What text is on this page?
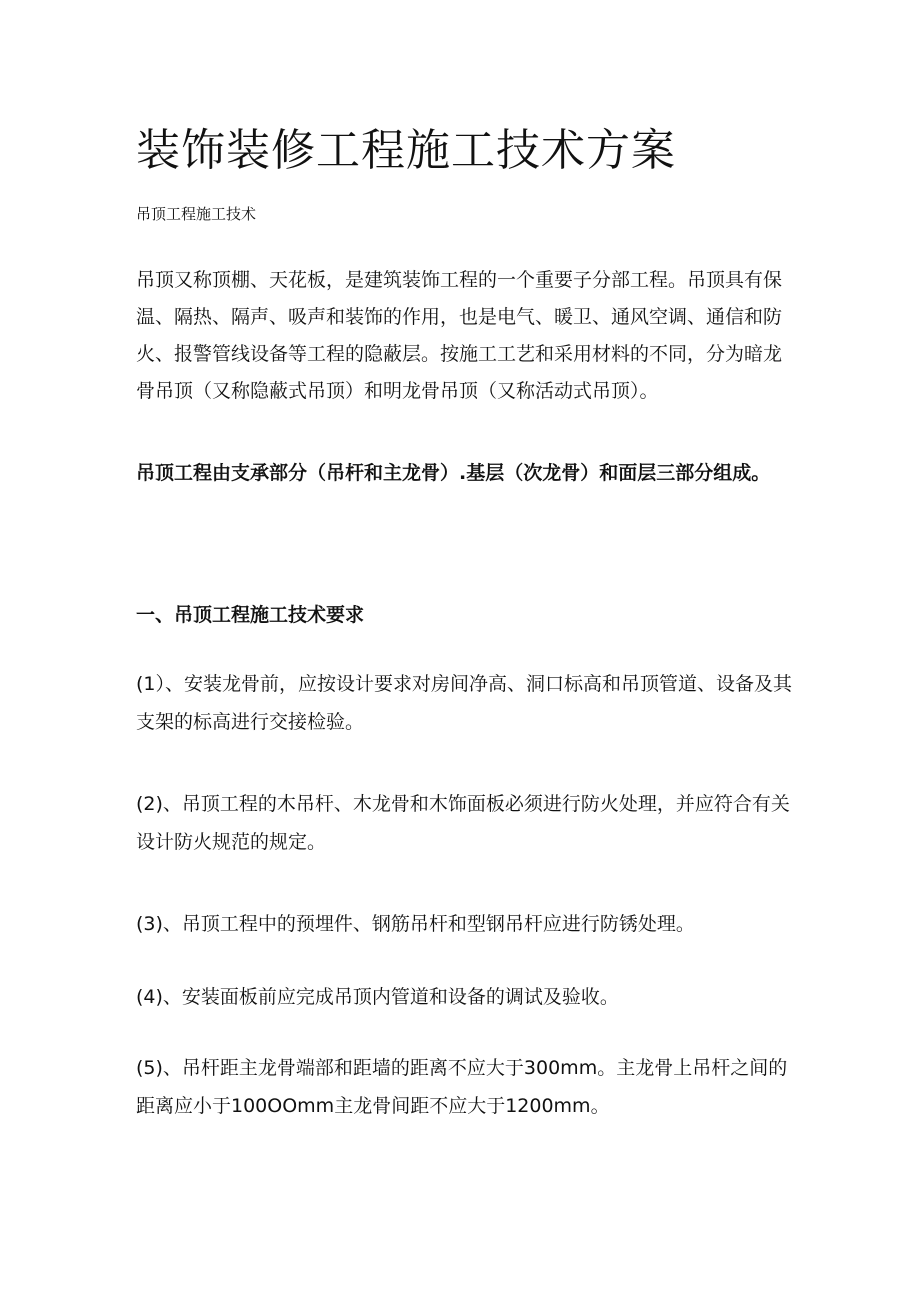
装饰装修工程施工技术方案

吊顶工程施工技术

吊顶又称顶棚、天花板，是建筑装饰工程的一个重要子分部工程。吊顶具有保温、隔热、隔声、吸声和装饰的作用，也是电气、暖卫、通风空调、通信和防火、报警管线设备等工程的隐蔽层。按施工工艺和采用材料的不同，分为暗龙骨吊顶（又称隐蔽式吊顶）和明龙骨吊顶（又称活动式吊顶）。

吊顶工程由支承部分（吊杆和主龙骨）.基层（次龙骨）和面层三部分组成。

一、吊顶工程施工技术要求

(1）、安装龙骨前，应按设计要求对房间净高、洞口标高和吊顶管道、设备及其支架的标高进行交接检验。

(2)、吊顶工程的木吊杆、木龙骨和木饰面板必须进行防火处理，并应符合有关设计防火规范的规定。

(3)、吊顶工程中的预埋件、钢筋吊杆和型钢吊杆应进行防锈处理。

(4)、安装面板前应完成吊顶内管道和设备的调试及验收。

(5)、吊杆距主龙骨端部和距墙的距离不应大于300mm。主龙骨上吊杆之间的距离应小于100OOmm主龙骨间距不应大于1200mm。
